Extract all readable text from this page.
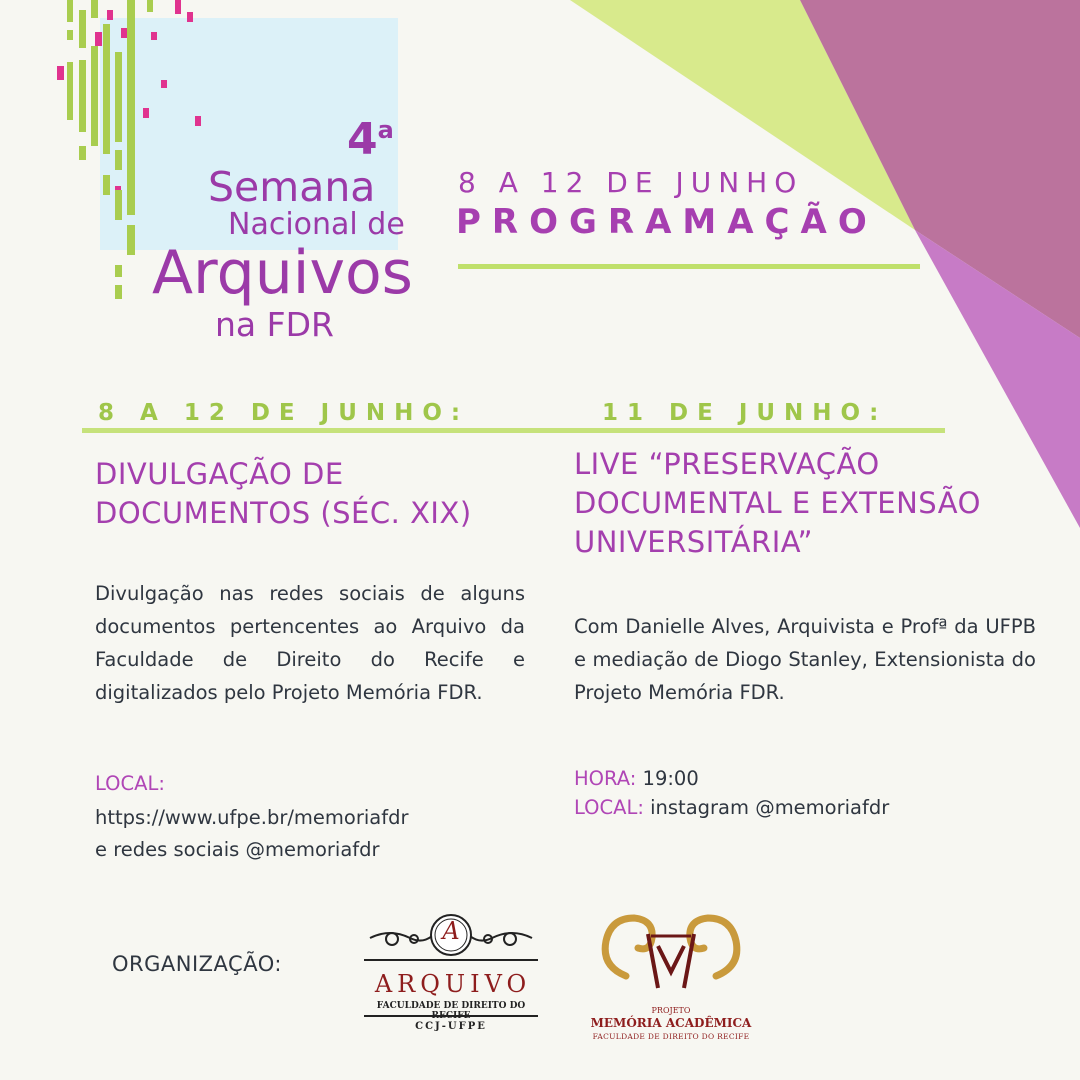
4$^a$
Semana
Nacional de
Arquivos
na FDR
8 A 12 DE JUNHO
PROGRAMAÇÃO
8 A 12 DE JUNHO:	11 DE JUNHO:
DIVULGAÇÃO DE DOCUMENTOS (SÉC. XIX)
Divulgação nas redes sociais de alguns documentos pertencentes ao Arquivo da Faculdade de Direito do Recife e digitalizados pelo Projeto Memória FDR.
LOCAL:
https://www.ufpe.br/memoriafdr
e redes sociais @memoriafdr
LIVE “PRESERVAÇÃO DOCUMENTAL E EXTENSÃO UNIVERSITÁRIA”
Com Danielle Alves, Arquivista e Profª da UFPB e mediação de Diogo Stanley, Extensionista do Projeto Memória FDR.
HORA: 19:00
LOCAL: instagram @memoriafdr
ORGANIZAÇÃO:
A
ARQUIVO
FACULDADE DE DIREITO DO RECIFE
CCJ-UFPE
PROJETO
MEMÓRIA ACADÊMICA
FACULDADE DE DIREITO DO RECIFE
